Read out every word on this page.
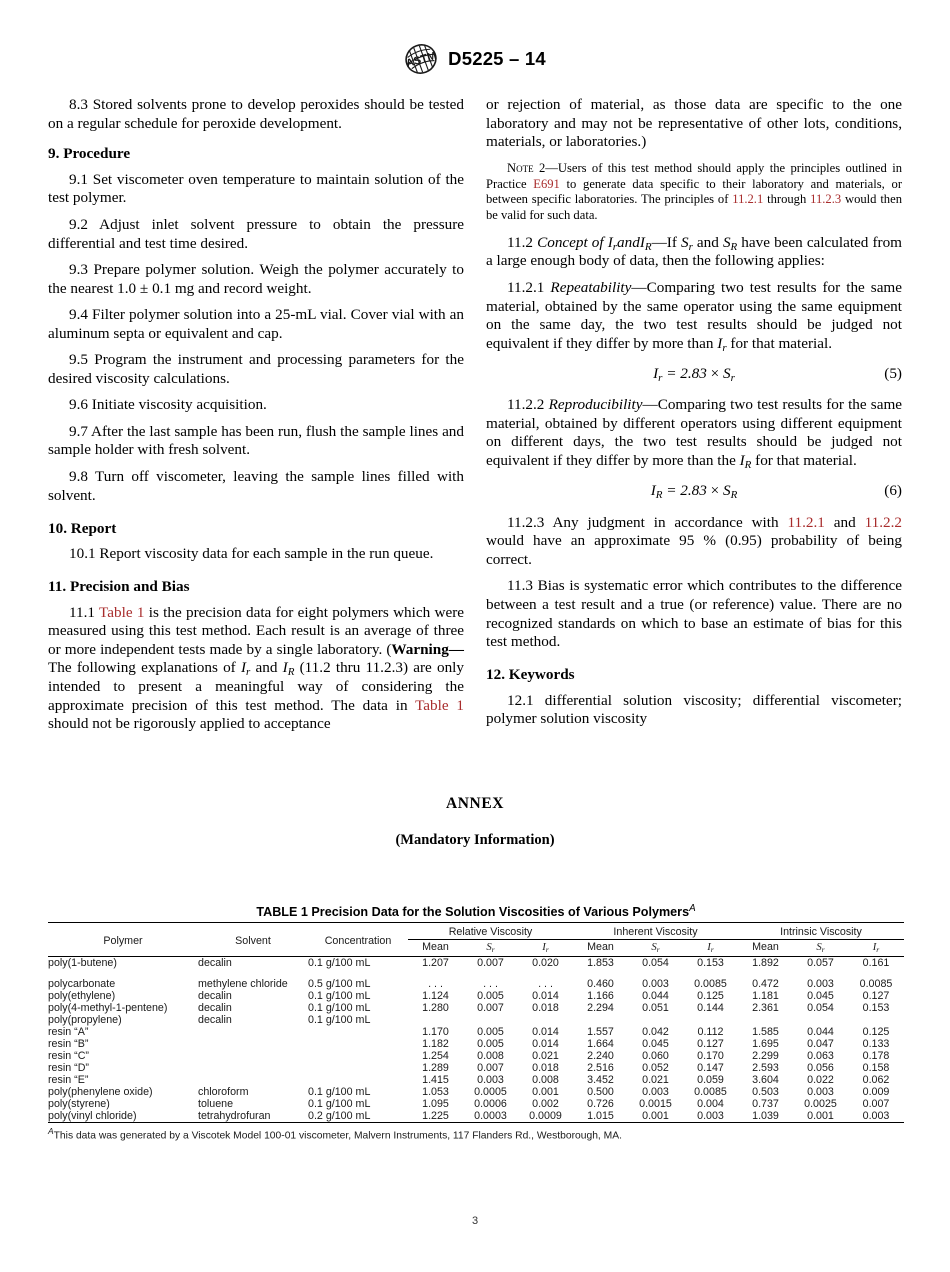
ASTM D5225 – 14

8.3 Stored solvents prone to develop peroxides should be tested on a regular schedule for peroxide development.

9. Procedure

9.1 Set viscometer oven temperature to maintain solution of the test polymer.

9.2 Adjust inlet solvent pressure to obtain the pressure differential and test time desired.

9.3 Prepare polymer solution. Weigh the polymer accurately to the nearest 1.0 ± 0.1 mg and record weight.

9.4 Filter polymer solution into a 25-mL vial. Cover vial with an aluminum septa or equivalent and cap.

9.5 Program the instrument and processing parameters for the desired viscosity calculations.

9.6 Initiate viscosity acquisition.

9.7 After the last sample has been run, flush the sample lines and sample holder with fresh solvent.

9.8 Turn off viscometer, leaving the sample lines filled with solvent.

10. Report

10.1 Report viscosity data for each sample in the run queue.

11. Precision and Bias

11.1 Table 1 is the precision data for eight polymers which were measured using this test method. Each result is an average of three or more independent tests made by a single laboratory. (Warning—The following explanations of $I_r$ and $I_R$ (11.2 thru 11.2.3) are only intended to present a meaningful way of considering the approximate precision of this test method. The data in Table 1 should not be rigorously applied to acceptance

or rejection of material, as those data are specific to the one laboratory and may not be representative of other lots, conditions, materials, or laboratories.)

Note 2—Users of this test method should apply the principles outlined in Practice E691 to generate data specific to their laboratory and materials, or between specific laboratories. The principles of 11.2.1 through 11.2.3 would then be valid for such data.

11.2 Concept of $I_randI_R—If$ $S_r$ and $S_R$ have been calculated from a large enough body of data, then the following applies:

11.2.1 Repeatability—Comparing two test results for the same material, obtained by the same operator using the same equipment on the same day, the two test results should be judged not equivalent if they differ by more than $I_r$ for that material.

$I_r = 2.83 \times S_r$	(5)

11.2.2 Reproducibility—Comparing two test results for the same material, obtained by different operators using different equipment on different days, the two test results should be judged not equivalent if they differ by more than the $I_R$ for that material.

$I_R = 2.83 \times S_R$	(6)

11.2.3 Any judgment in accordance with 11.2.1 and 11.2.2 would have an approximate 95 % (0.95) probability of being correct.

11.3 Bias is systematic error which contributes to the difference between a test result and a true (or reference) value. There are no recognized standards on which to base an estimate of bias for this test method.

12. Keywords

12.1 differential solution viscosity; differential viscometer; polymer solution viscosity

ANNEX
(Mandatory Information)
TABLE 1 Precision Data for the Solution Viscosities of Various Polymers$^A$
Polymer	Solvent	Concentration	Relative Viscosity			Inherent Viscosity			Intrinsic Viscosity		
			Mean	$S_r$	$I_r$	Mean	$S_r$	$I_r$	Mean	$S_r$	$I_r$
poly(1-butene)	decalin	0.1 g/100 mL	1.207	0.007	0.020	1.853	0.054	0.153	1.892	0.057	0.161

polycarbonate	methylene chloride	0.5 g/100 mL	. . .	. . .	. . .	0.460	0.003	0.0085	0.472	0.003	0.0085
poly(ethylene)	decalin	0.1 g/100 mL	1.124	0.005	0.014	1.166	0.044	0.125	1.181	0.045	0.127
poly(4-methyl-1-pentene)	decalin	0.1 g/100 mL	1.280	0.007	0.018	2.294	0.051	0.144	2.361	0.054	0.153
poly(propylene)	decalin	0.1 g/100 mL									
resin “A”			1.170	0.005	0.014	1.557	0.042	0.112	1.585	0.044	0.125
resin “B”			1.182	0.005	0.014	1.664	0.045	0.127	1.695	0.047	0.133
resin “C”			1.254	0.008	0.021	2.240	0.060	0.170	2.299	0.063	0.178
resin “D”			1.289	0.007	0.018	2.516	0.052	0.147	2.593	0.056	0.158
resin “E”			1.415	0.003	0.008	3.452	0.021	0.059	3.604	0.022	0.062
poly(phenylene oxide)	chloroform	0.1 g/100 mL	1.053	0.0005	0.001	0.500	0.003	0.0085	0.503	0.003	0.009
poly(styrene)	toluene	0.1 g/100 mL	1.095	0.0006	0.002	0.726	0.0015	0.004	0.737	0.0025	0.007
poly(vinyl chloride)	tetrahydrofuran	0.2 g/100 mL	1.225	0.0003	0.0009	1.015	0.001	0.003	1.039	0.001	0.003
$^A$This data was generated by a Viscotek Model 100-01 viscometer, Malvern Instruments, 117 Flanders Rd., Westborough, MA.
3
